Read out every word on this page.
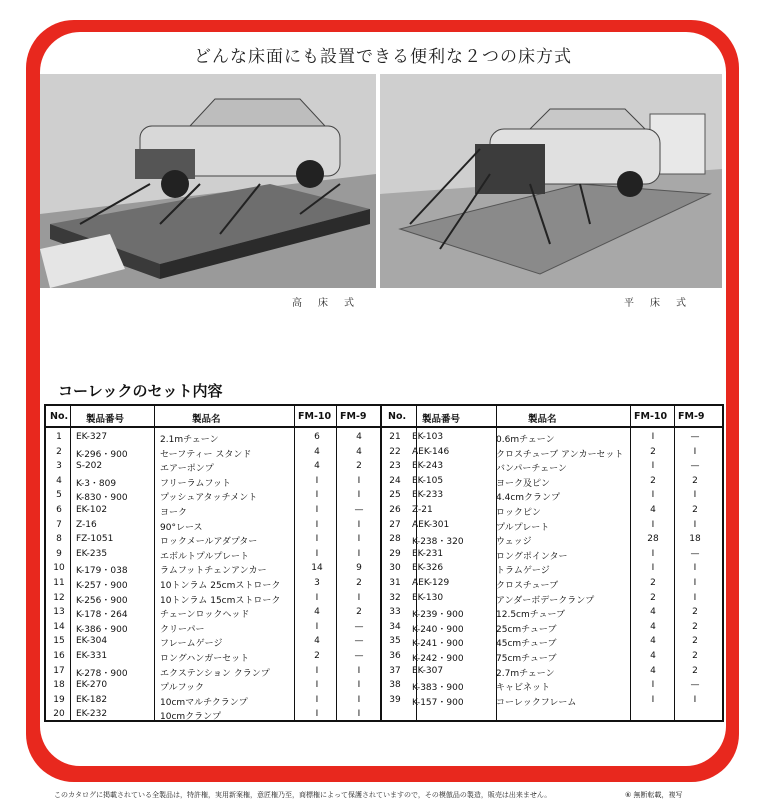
どんな床面にも設置できる便利な２つの床方式
高床式	平床式
コーレックのセット内容
No. 製品番号	製品名	FM-10 FM-9 No. 製品番号	製品名	FM-10 FM-9
1	EK-327	2.1mチェーン	6	4
2	K-296・900	セーフティー スタンド	4	4
3	S-202	エアーポンプ	4	2
4	K-3・809	フリーラムフット	I	I
5	K-830・900	プッシュアタッチメント	I	I
6	EK-102	ヨーク	I	—
7	Z-16	90°レース	I	I
8	FZ-1051	ロックメールアダプター	I	I
9	EK-235	エボルトプルプレート	I	I
10	K-179・038	ラムフットチェンアンカー	14	9
11	K-257・900	10トンラム 25cmストローク	3	2
12	K-256・900	10トンラム 15cmストローク	I	I
13	K-178・264	チェーンロックヘッド	4	2
14	K-386・900	クリーパー	I	—
15	EK-304	フレームゲージ	4	—
16	EK-331	ロングハンガーセット	2	—
17	K-278・900	エクステンション クランプ	I	I
18	EK-270	プルフック	I	I
19	EK-182	10cmマルチクランプ	I	I
20	EK-232	10cmクランプ	I	I
21	EK-103	0.6mチェーン	I	—
22	AEK-146	クロスチューブ アンカーセット	2	I
23	EK-243	バンパーチェーン	I	—
24	EK-105	ヨーク及ピン	2	2
25	EK-233	4.4cmクランプ	I	I
26	Z-21	ロックピン	4	2
27	AEK-301	プルプレート	I	I
28	K-238・320	ウェッジ	28	18
29	EK-231	ロングポインター	I	—
30	EK-326	トラムゲージ	I	I
31	AEK-129	クロスチューブ	2	I
32	EK-130	アンダーボデークランプ	2	I
33	K-239・900	12.5cmチューブ	4	2
34	K-240・900	25cmチューブ	4	2
35	K-241・900	45cmチューブ	4	2
36	K-242・900	75cmチューブ	4	2
37	EK-307	2.7mチェーン	4	2
38	K-383・900	キャビネット	I	—
39	K-157・900	コーレックフレーム	I	I
このカタログに掲載されている全製品は，特許権，実用新案権，意匠権乃至，商標権によって保護されていますので，その模倣品の製造，販売は出来ません。	⑥ 無断転載，複写
